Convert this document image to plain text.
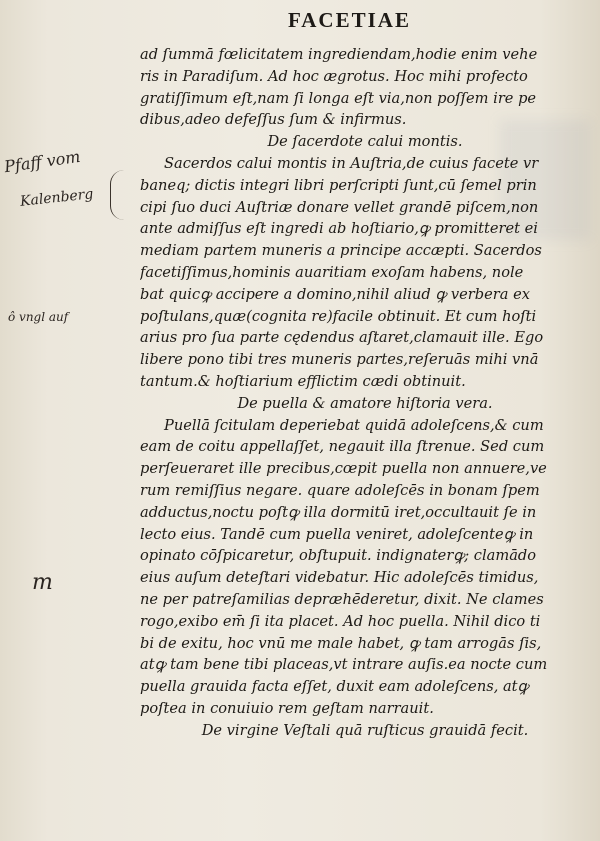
FACETIAE
ad ſummā fœlicitatem ingrediendam,hodie enim vehe
ris in Paradiſum. Ad hoc ægrotus. Hoc mihi profecto
gratiſſimum eſt,nam ſi longa eſt via,non poſſem ire pe
dibus,adeo defeſſus ſum & infirmus.
De ſacerdote calui montis.
Sacerdos calui montis in Auſtria,de cuius facete vr
baneq; dictis integri libri perſcripti ſunt,cū ſemel prin
cipi ſuo duci Auſtriæ donare vellet grandē piſcem,non
ante admiſſus eſt ingredi ab hoſtiario,ꝙ promitteret ei
mediam partem muneris a principe accæpti. Sacerdos
facetiſſimus,hominis auaritiam exoſam habens, nole
bat quicꝙ accipere a domino,nihil aliud ꝙ verbera ex
poſtulans,quæ(cognita re)facile obtinuit. Et cum hoſti
arius pro ſua parte cędendus aſtaret,clamauit ille. Ego
libere pono tibi tres muneris partes,reſeruās mihi vnā
tantum.& hoſtiarium efflictim cædi obtinuit.
De puella & amatore hiſtoria vera.
Puellā ſcitulam deperiebat quidā adoleſcens,& cum
eam de coitu appellaſſet, negauit illa ſtrenue. Sed cum
perſeueraret ille precibus,cœpit puella non annuere,ve
rum remiſſius negare. quare adoleſcēs in bonam ſpem
adductus,noctu poſtꝙ illa dormitū iret,occultauit ſe in
lecto eius. Tandē cum puella veniret, adoleſcenteꝙ in
opinato cōſpicaretur, obſtupuit. indignaterꝙ; clamādo
eius auſum deteſtari videbatur. Hic adoleſcēs timidus,
ne per patreſamilias depræhēderetur, dixit. Ne clames
rogo,exibo em̄ ſi ita placet. Ad hoc puella. Nihil dico ti
bi de exitu, hoc vnū me male habet, ꝙ tam arrogās ſis,
atꝙ tam bene tibi placeas,vt intrare auſis.ea nocte cum
puella grauida facta eſſet, duxit eam adoleſcens, atꝙ
poſtea in conuiuio rem geſtam narrauit.
De virgine Veſtali quā ruſticus grauidā fecit.
Pfaff vom
Kalenberg
ô vngl auf
m
